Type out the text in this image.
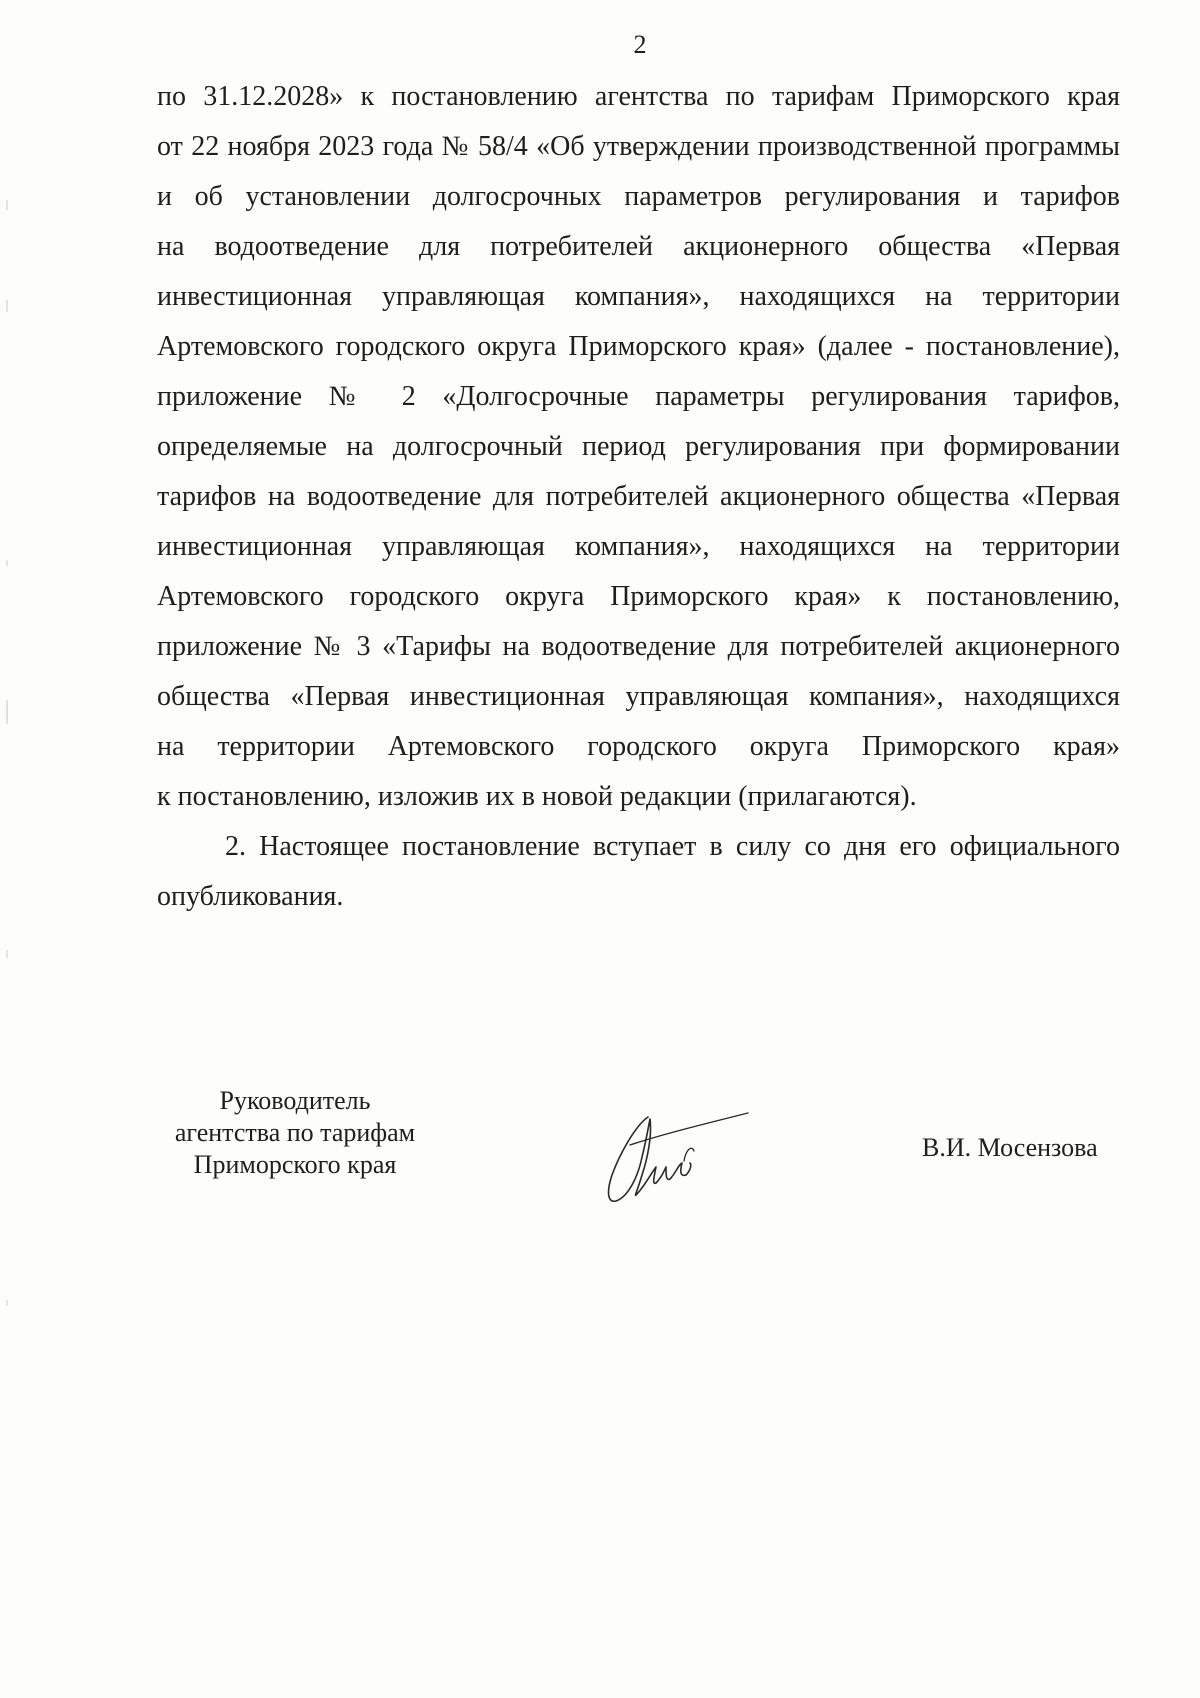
2
по 31.12.2028» к постановлению агентства по тарифам Приморского края
от 22 ноября 2023 года № 58/4 «Об утверждении производственной программы
и об установлении долгосрочных параметров регулирования и тарифов
на водоотведение для потребителей акционерного общества «Первая
инвестиционная управляющая компания», находящихся на территории
Артемовского городского округа Приморского края» (далее - постановление),
приложение № 2 «Долгосрочные параметры регулирования тарифов,
определяемые на долгосрочный период регулирования при формировании
тарифов на водоотведение для потребителей акционерного общества «Первая
инвестиционная управляющая компания», находящихся на территории
Артемовского городского округа Приморского края» к постановлению,
приложение № 3 «Тарифы на водоотведение для потребителей акционерного
общества «Первая инвестиционная управляющая компания», находящихся
на территории Артемовского городского округа Приморского края»
к постановлению, изложив их в новой редакции (прилагаются).
2. Настоящее постановление вступает в силу со дня его официального
опубликования.
Руководитель
агентства по тарифам
Приморского края
В.И. Мосензова
